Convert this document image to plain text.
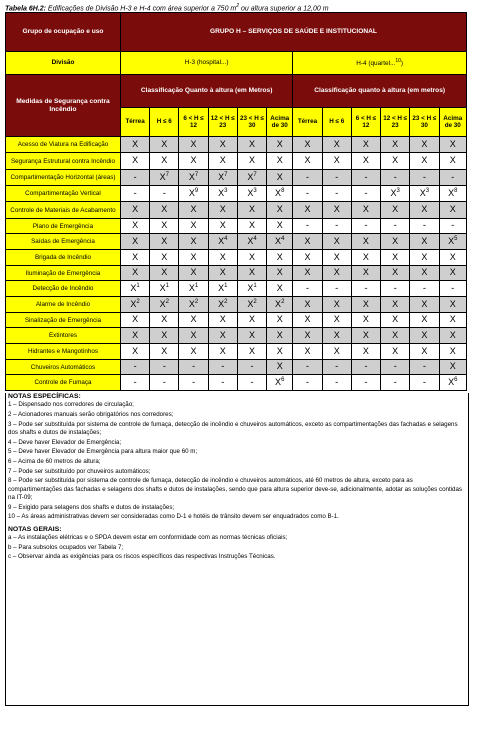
Tabela 6H.2: Edificações de Divisão H-3 e H-4 com área superior a 750 $m^2$ ou altura superior a 12,00 m
Grupo de ocupação e uso	GRUPO H – SERVIÇOS DE SAÚDE E INSTITUCIONAL											
Divisão	H-3 (hospital...)						H-4 (quartel...$^{10}$)					
Medidas de Segurança contra Incêndio	Classificação Quanto à altura (em Metros)						Classificação quanto à altura (em metros)					
	Térrea	H ≤ 6	6 < H ≤ 12	12 < H ≤ 23	23 < H ≤ 30	Acima de 30	Térrea	H ≤ 6	6 < H ≤ 12	12 < H ≤ 23	23 < H ≤ 30	Acima de 30
Acesso de Viatura na Edificação	X	X	X	X	X	X	X	X	X	X	X	X
Segurança Estrutural contra Incêndio	X	X	X	X	X	X	X	X	X	X	X	X
Compartimentação Horizontal (áreas)	-	$X^7$	$X^7$	$X^7$	$X^7$	X	-	-	-	-	-	-
Compartimentação Vertical	-	-	$X^9$	$X^3$	$X^3$	$X^8$	-	-	-	$X^3$	$X^3$	$X^8$
Controle de Materiais de Acabamento	X	X	X	X	X	X	X	X	X	X	X	X
Plano de Emergência	X	X	X	X	X	X	-	-	-	-	-	-
Saídas de Emergência	X	X	X	$X^4$	$X^4$	$X^4$	X	X	X	X	X	$X^5$
Brigada de Incêndio	X	X	X	X	X	X	X	X	X	X	X	X
Iluminação de Emergência	X	X	X	X	X	X	X	X	X	X	X	X
Detecção de Incêndio	$X^1$	$X^1$	$X^1$	$X^1$	$X^1$	X	-	-	-	-	-	-
Alarme de Incêndio	$X^2$	$X^2$	$X^2$	$X^2$	$X^2$	$X^2$	X	X	X	X	X	X
Sinalização de Emergência	X	X	X	X	X	X	X	X	X	X	X	X
Extintores	X	X	X	X	X	X	X	X	X	X	X	X
Hidrantes e Mangotinhos	X	X	X	X	X	X	X	X	X	X	X	X
Chuveiros Automáticos	-	-	-	-	-	X	-	-	-	-	-	X
Controle de Fumaça	-	-	-	-	-	$X^6$	-	-	-	-	-	$X^6$
NOTAS ESPECÍFICAS:

1 – Dispensado nos corredores de circulação;

2 – Acionadores manuais serão obrigatórios nos corredores;

3 – Pode ser substituída por sistema de controle de fumaça, detecção de incêndio e chuveiros automáticos, exceto as compartimentações das fachadas e selagens dos shafts e dutos de instalações;

4 – Deve haver Elevador de Emergência;

5 – Deve haver Elevador de Emergência para altura maior que 60 m;

6 – Acima de 60 metros de altura;

7 – Pode ser substituído por chuveiros automáticos;

8 – Pode ser substituída por sistema de controle de fumaça, detecção de incêndio e chuveiros automáticos, até 60 metros de altura, exceto para as compartimentações das fachadas e selagens dos shafts e dutos de instalações, sendo que para altura superior deve-se, adicionalmente, adotar as soluções contidas na IT-09;

9 – Exigido para selagens dos shafts e dutos de instalações;

10 – As áreas administrativas devem ser consideradas como D-1 e hotéis de trânsito devem ser enquadrados como B-1.

NOTAS GERAIS:

a – As instalações elétricas e o SPDA devem estar em conformidade com as normas técnicas oficiais;

b – Para subsolos ocupados ver Tabela 7;

c – Observar ainda as exigências para os riscos específicos das respectivas Instruções Técnicas.
